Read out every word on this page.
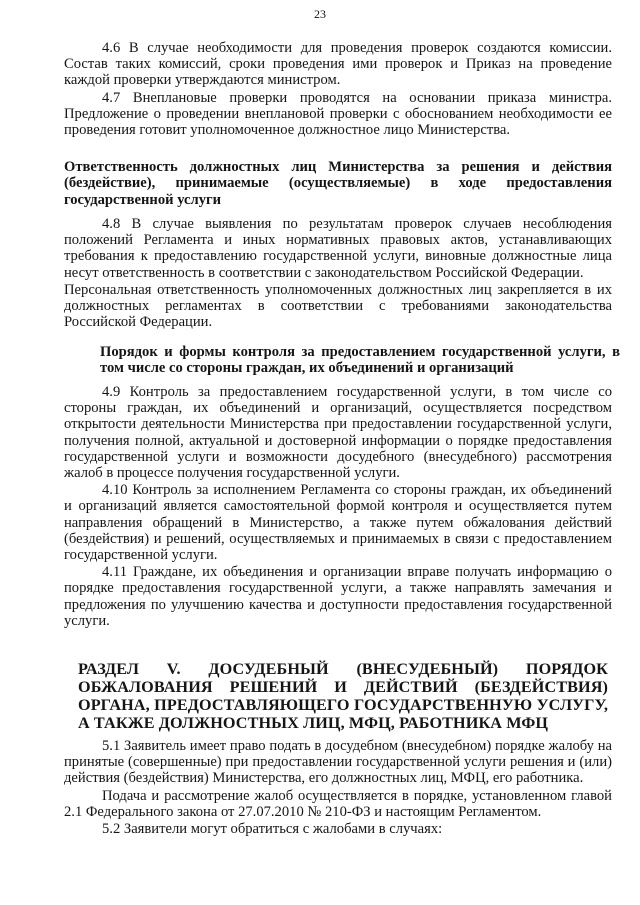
23

4.6 В случае необходимости для проведения проверок создаются комиссии. Состав таких комиссий, сроки проведения ими проверок и Приказ на проведение каждой проверки утверждаются министром.

4.7 Внеплановые проверки проводятся на основании приказа министра. Предложение о проведении внеплановой проверки с обоснованием необходимости ее проведения готовит уполномоченное должностное лицо Министерства.

Ответственность должностных лиц Министерства за решения и действия (бездействие), принимаемые (осуществляемые) в ходе предоставления государственной услуги

4.8 В случае выявления по результатам проверок случаев несоблюдения положений Регламента и иных нормативных правовых актов, устанавливающих требования к предоставлению государственной услуги, виновные должностные лица несут ответственность в соответствии с законодательством Российской Федерации.

Персональная ответственность уполномоченных должностных лиц закрепляется в их должностных регламентах в соответствии с требованиями законодательства Российской Федерации.

Порядок и формы контроля за предоставлением государственной услуги, в том числе со стороны граждан, их объединений и организаций

4.9 Контроль за предоставлением государственной услуги, в том числе со стороны граждан, их объединений и организаций, осуществляется посредством открытости деятельности Министерства при предоставлении государственной услуги, получения полной, актуальной и достоверной информации о порядке предоставления государственной услуги и возможности досудебного (внесудебного) рассмотрения жалоб в процессе получения государственной услуги.

4.10 Контроль за исполнением Регламента со стороны граждан, их объединений и организаций является самостоятельной формой контроля и осуществляется путем направления обращений в Министерство, а также путем обжалования действий (бездействия) и решений, осуществляемых и принимаемых в связи с предоставлением государственной услуги.

4.11 Граждане, их объединения и организации вправе получать информацию о порядке предоставления государственной услуги, а также направлять замечания и предложения по улучшению качества и доступности предоставления государственной услуги.

РАЗДЕЛ V. ДОСУДЕБНЫЙ (ВНЕСУДЕБНЫЙ) ПОРЯДОК ОБЖАЛОВАНИЯ РЕШЕНИЙ И ДЕЙСТВИЙ (БЕЗДЕЙСТВИЯ) ОРГАНА, ПРЕДОСТАВЛЯЮЩЕГО ГОСУДАРСТВЕННУЮ УСЛУГУ, А ТАКЖЕ ДОЛЖНОСТНЫХ ЛИЦ, МФЦ, РАБОТНИКА МФЦ

5.1 Заявитель имеет право подать в досудебном (внесудебном) порядке жалобу на принятые (совершенные) при предоставлении государственной услуги решения и (или) действия (бездействия) Министерства, его должностных лиц, МФЦ, его работника.

Подача и рассмотрение жалоб осуществляется в порядке, установленном главой 2.1 Федерального закона от 27.07.2010 № 210-ФЗ и настоящим Регламентом.

5.2 Заявители могут обратиться с жалобами в случаях:
